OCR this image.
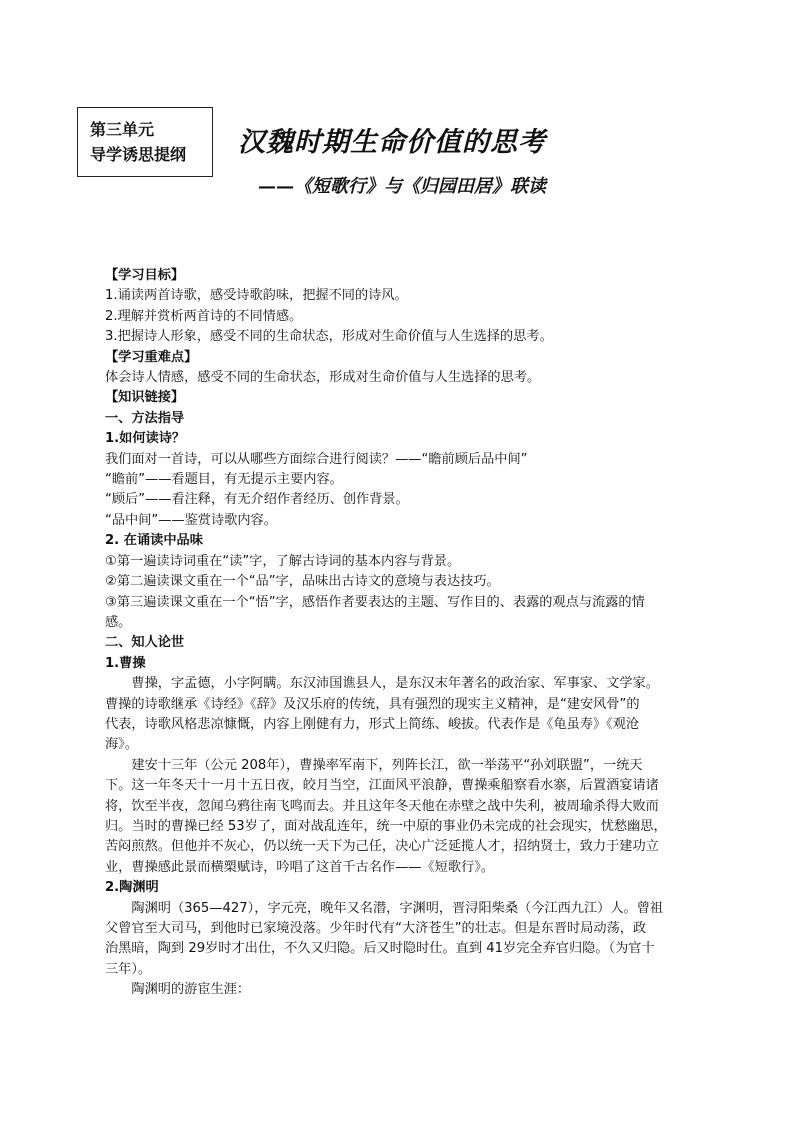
第三单元
导学诱思提纲	汉魏时期生命价值的思考
——《短歌行》与《归园田居》联读

【学习目标】

1.诵读两首诗歌，感受诗歌韵味，把握不同的诗风。

2.理解并赏析两首诗的不同情感。

3.把握诗人形象，感受不同的生命状态，形成对生命价值与人生选择的思考。

【学习重难点】

体会诗人情感，感受不同的生命状态，形成对生命价值与人生选择的思考。

【知识链接】

一、方法指导

1.如何读诗？

我们面对一首诗，可以从哪些方面综合进行阅读？——“瞻前顾后品中间”

“瞻前”——看题目，有无提示主要内容。

“顾后”——看注释，有无介绍作者经历、创作背景。

“品中间”——鉴赏诗歌内容。

2. 在诵读中品味

①第一遍读诗词重在“读”字，了解古诗词的基本内容与背景。

②第二遍读课文重在一个“品”字，品味出古诗文的意境与表达技巧。

③第三遍读课文重在一个“悟”字，感悟作者要表达的主题、写作目的、表露的观点与流露的情

感。

二、知人论世

1.曹操

曹操，字孟德，小字阿瞒。东汉沛国谯县人，是东汉末年著名的政治家、军事家、文学家。

曹操的诗歌继承《诗经》《辞》及汉乐府的传统，具有强烈的现实主义精神，是“建安风骨”的

代表，诗歌风格悲凉慷慨，内容上刚健有力，形式上简练、峻拔。代表作是《龟虽寿》《观沧

海》。

建安十三年（公元 208年），曹操率军南下，列阵长江，欲一举荡平“孙刘联盟”，一统天

下。这一年冬天十一月十五日夜，皎月当空，江面风平浪静，曹操乘船察看水寨，后置酒宴请诸

将，饮至半夜，忽闻乌鸦往南飞鸣而去。并且这年冬天他在赤壁之战中失利，被周瑜杀得大败而

归。当时的曹操已经 53岁了，面对战乱连年，统一中原的事业仍未完成的社会现实，忧愁幽思，

苦闷煎熬。但他并不灰心，仍以统一天下为己任，决心广泛延揽人才，招纳贤士，致力于建功立

业，曹操感此景而横槊赋诗，吟唱了这首千古名作——《短歌行》。

2.陶渊明

陶渊明（365—427），字元亮，晚年又名潜，字渊明，晋浔阳柴桑（今江西九江）人。曾祖

父曾官至大司马，到他时已家境没落。少年时代有“大济苍生”的壮志。但是东晋时局动荡，政

治黑暗，陶到 29岁时才出仕，不久又归隐。后又时隐时仕。直到 41岁完全弃官归隐。（为官十

三年）。

陶渊明的游宦生涯：
